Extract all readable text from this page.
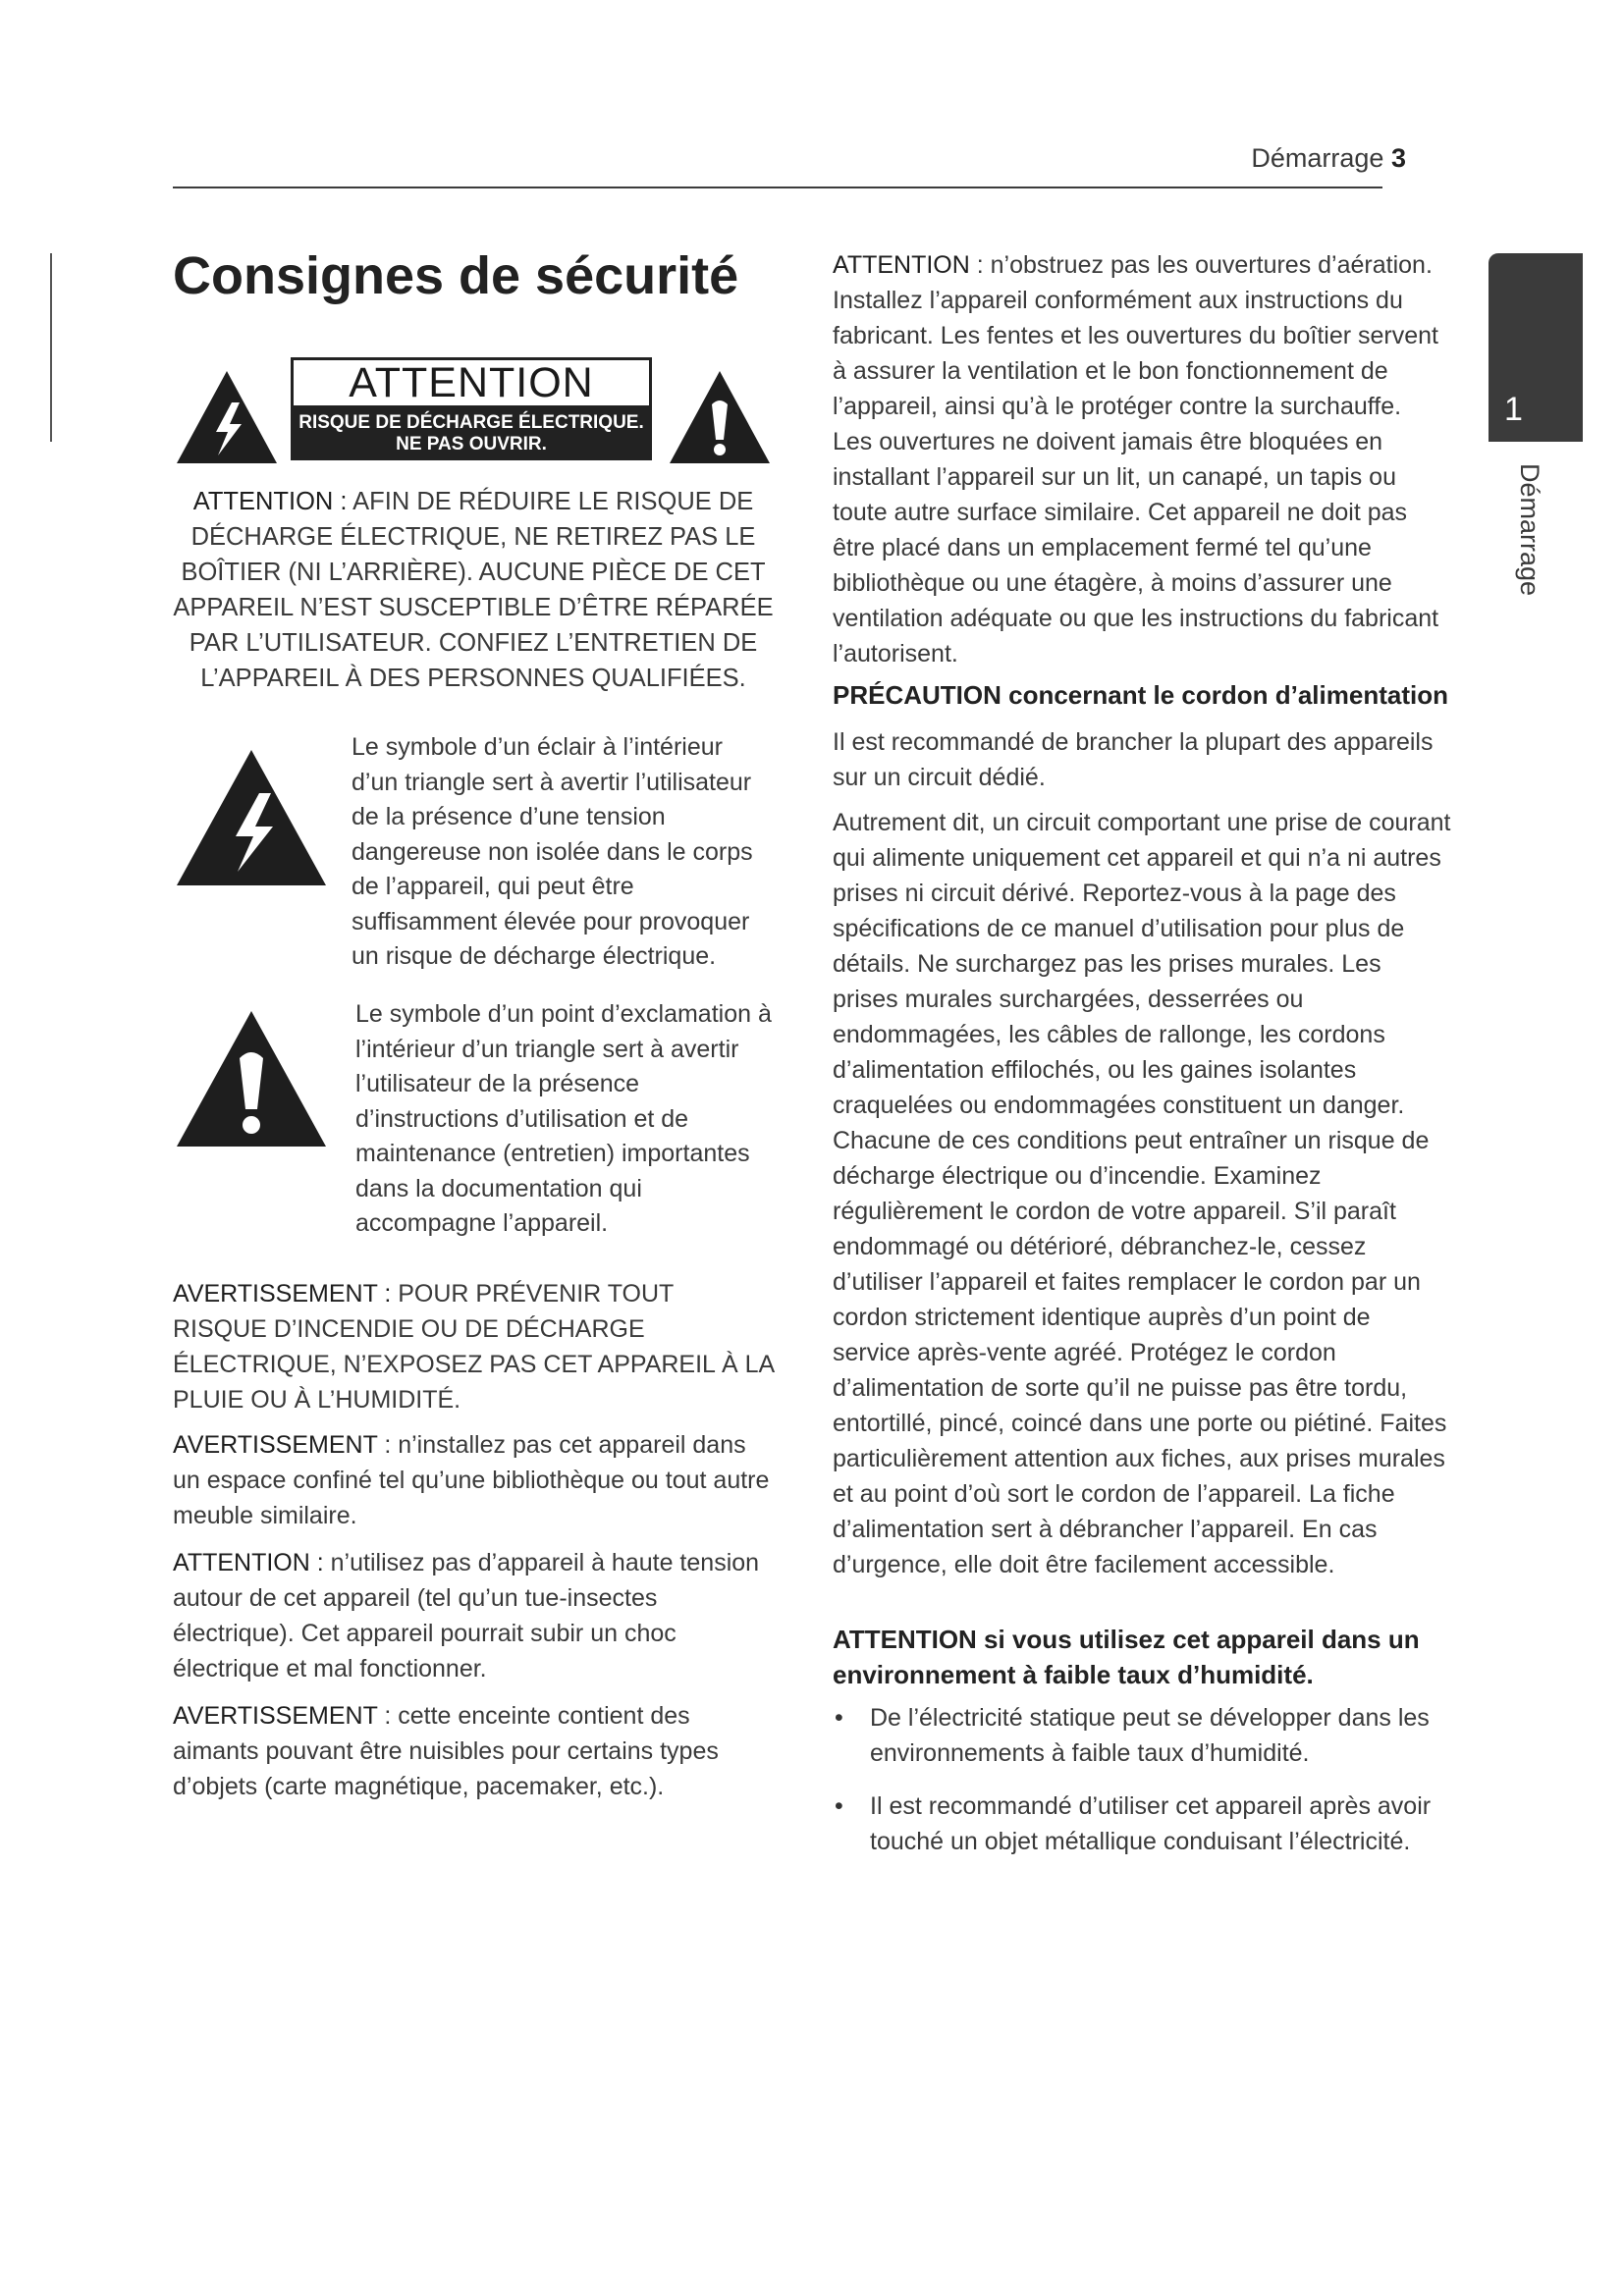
Démarrage 3
1
Démarrage
Consignes de sécurité
ATTENTION
RISQUE DE DÉCHARGE ÉLECTRIQUE. NE PAS OUVRIR.

ATTENTION : AFIN DE RÉDUIRE LE RISQUE DE DÉCHARGE ÉLECTRIQUE, NE RETIREZ PAS LE BOÎTIER (NI L’ARRIÈRE). AUCUNE PIÈCE DE CET APPAREIL N’EST SUSCEPTIBLE D’ÊTRE RÉPARÉE PAR L’UTILISATEUR. CONFIEZ L’ENTRETIEN DE L’APPAREIL À DES PERSONNES QUALIFIÉES.

Le symbole d’un éclair à l’intérieur d’un triangle sert à avertir l’utilisateur de la présence d’une tension dangereuse non isolée dans le corps de l’appareil, qui peut être suffisamment élevée pour provoquer un risque de décharge électrique.

Le symbole d’un point d’exclamation à l’intérieur d’un triangle sert à avertir l’utilisateur de la présence d’instructions d’utilisation et de maintenance (entretien) importantes dans la documentation qui accompagne l’appareil.

AVERTISSEMENT : POUR PRÉVENIR TOUT RISQUE D’INCENDIE OU DE DÉCHARGE ÉLECTRIQUE, N’EXPOSEZ PAS CET APPAREIL À LA PLUIE OU À L’HUMIDITÉ.

AVERTISSEMENT : n’installez pas cet appareil dans un espace confiné tel qu’une bibliothèque ou tout autre meuble similaire.

ATTENTION : n’utilisez pas d’appareil à haute tension autour de cet appareil (tel qu’un tue-insectes électrique). Cet appareil pourrait subir un choc électrique et mal fonctionner.

AVERTISSEMENT : cette enceinte contient des aimants pouvant être nuisibles pour certains types d’objets (carte magnétique, pacemaker, etc.).

ATTENTION : n’obstruez pas les ouvertures d’aération. Installez l’appareil conformément aux instructions du fabricant. Les fentes et les ouvertures du boîtier servent à assurer la ventilation et le bon fonctionnement de l’appareil, ainsi qu’à le protéger contre la surchauffe. Les ouvertures ne doivent jamais être bloquées en installant l’appareil sur un lit, un canapé, un tapis ou toute autre surface similaire. Cet appareil ne doit pas être placé dans un emplacement fermé tel qu’une bibliothèque ou une étagère, à moins d’assurer une ventilation adéquate ou que les instructions du fabricant l’autorisent.

PRÉCAUTION concernant le cordon d’alimentation

Il est recommandé de brancher la plupart des appareils sur un circuit dédié.

Autrement dit, un circuit comportant une prise de courant qui alimente uniquement cet appareil et qui n’a ni autres prises ni circuit dérivé. Reportez-vous à la page des spécifications de ce manuel d’utilisation pour plus de détails. Ne surchargez pas les prises murales. Les prises murales surchargées, desserrées ou endommagées, les câbles de rallonge, les cordons d’alimentation effilochés, ou les gaines isolantes craquelées ou endommagées constituent un danger. Chacune de ces conditions peut entraîner un risque de décharge électrique ou d’incendie. Examinez régulièrement le cordon de votre appareil. S’il paraît endommagé ou détérioré, débranchez-le, cessez d’utiliser l’appareil et faites remplacer le cordon par un cordon strictement identique auprès d’un point de service après-vente agréé. Protégez le cordon d’alimentation de sorte qu’il ne puisse pas être tordu, entortillé, pincé, coincé dans une porte ou piétiné. Faites particulièrement attention aux fiches, aux prises murales et au point d’où sort le cordon de l’appareil. La fiche d’alimentation sert à débrancher l’appareil. En cas d’urgence, elle doit être facilement accessible.

ATTENTION si vous utilisez cet appareil dans un environnement à faible taux d’humidité.
• De l’électricité statique peut se développer dans les environnements à faible taux d’humidité.
• Il est recommandé d’utiliser cet appareil après avoir touché un objet métallique conduisant l’électricité.
